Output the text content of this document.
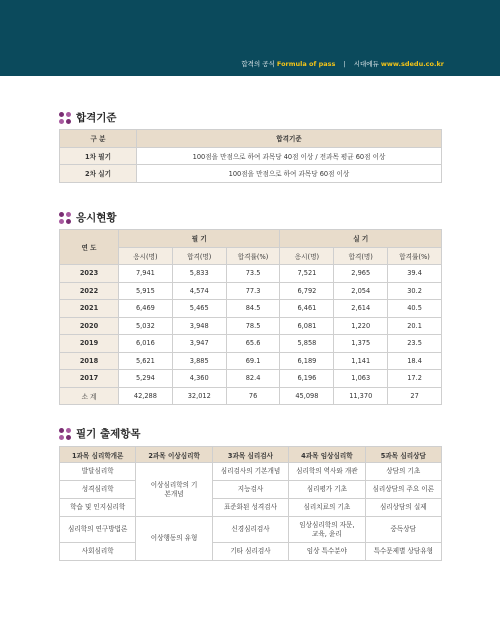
합격의 공식 Formula of pass | 시대에듀 www.sdedu.co.kr
합격기준
구 분	합격기준
1차 필기	100점을 만점으로 하여 과목당 40점 이상 / 전과목 평균 60점 이상
2차 실기	100점을 만점으로 하여 과목당 60점 이상
응시현황
연 도	필 기			실 기		
	응시(명)	합격(명)	합격률(%)	응시(명)	합격(명)	합격률(%)
2023	7,941	5,833	73.5	7,521	2,965	39.4
2022	5,915	4,574	77.3	6,792	2,054	30.2
2021	6,469	5,465	84.5	6,461	2,614	40.5
2020	5,032	3,948	78.5	6,081	1,220	20.1
2019	6,016	3,947	65.6	5,858	1,375	23.5
2018	5,621	3,885	69.1	6,189	1,141	18.4
2017	5,294	4,360	82.4	6,196	1,063	17.2
소 계	42,288	32,012	76	45,098	11,370	27
필기 출제항목
1과목 심리학개론	2과목 이상심리학	3과목 심리검사	4과목 임상심리학	5과목 심리상담
발달심리학	이상심리학의 기본개념	심리검사의 기본개념	심리학의 역사와 개관	상담의 기초
성격심리학		지능검사	심리평가 기초	심리상담의 주요 이론
학습 및 인지심리학		표준화된 성격검사	심리치료의 기초	심리상담의 실제
심리학의 연구방법론	이상행동의 유형	신경심리검사	임상심리학의 자문, 교육, 윤리	중독상담
사회심리학		기타 심리검사	임상 특수분야	특수문제별 상담유형
